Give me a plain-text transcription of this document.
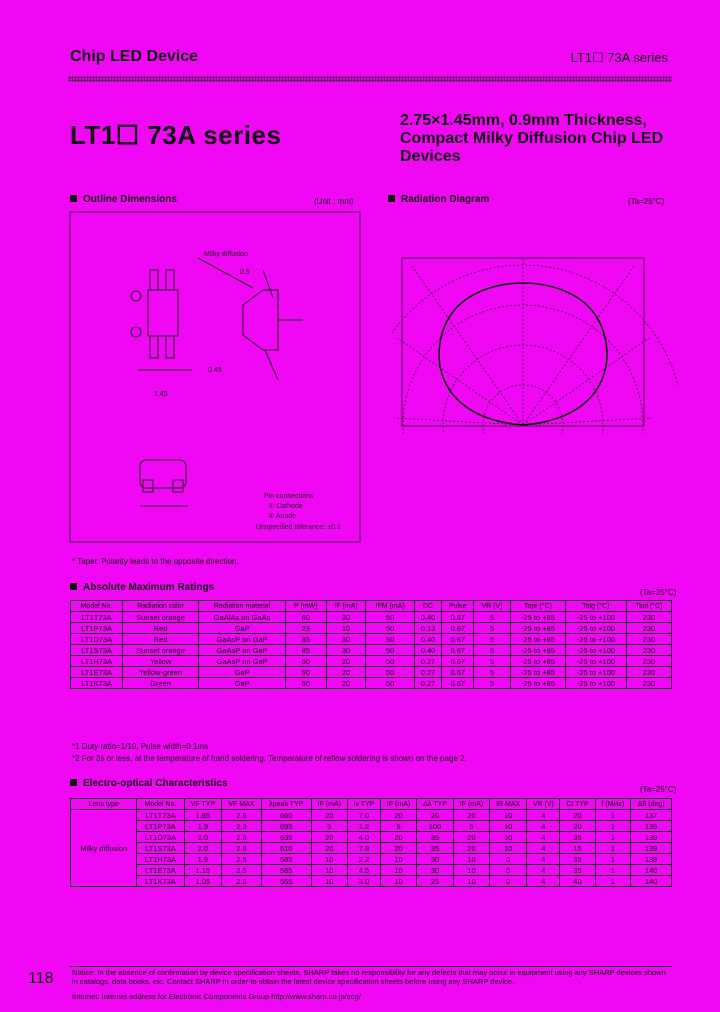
Chip LED Device	LT1☐ 73A series
LT1☐ 73A series	2.75×1.45mm, 0.9mm Thickness, Compact Milky Diffusion Chip LED Devices
Outline Dimensions	(Unit : mm)
Milky diffusion
1.45
0.9
0.45
Pin connections
① Cathode
② Anode
Unspecified tolerance: ±0.1
* Taper. Polarity leads to the opposite direction.
Radiation Diagram	(Ta=25°C)
Absolute Maximum Ratings	(Ta=25°C)
Model No.	Radiation color	Radiation material	P (mW)	IF (mA)	IFM (mA)	DC	Pulse	VR (V)	Topr (°C)	Tstg (°C)	Tsol (°C)
LT1T73A	Sunset orange	GaAlAs on GaAs	60	30	50	0.40	0.67	5	-25 to +85	-25 to +100	230
LT1P73A	Red	GaP	23	10	50	0.13	0.67	5	-25 to +85	-25 to +100	230
LT1D73A	Red	GaAsP on GaP	85	30	50	0.40	0.67	5	-25 to +85	-25 to +100	230
LT1S73A	Sunset orange	GaAsP on GaP	85	30	50	0.40	0.67	5	-25 to +85	-25 to +100	230
LT1H73A	Yellow	GaAsP on GaP	50	20	50	0.27	0.67	5	-25 to +85	-25 to +100	230
LT1E73A	Yellow-green	GaP	50	20	50	0.27	0.67	5	-25 to +85	-25 to +100	230
LT1K73A	Green	GaP	50	20	50	0.27	0.67	5	-25 to +85	-25 to +100	230
*1 Duty ratio=1/10, Pulse width=0.1ms
*2 For 3s or less, at the temperature of hand soldering. Temperature of reflow soldering is shown on the page 2.
Electro-optical Characteristics
(Ta=25°C)
Lens type	Model No.	VF TYP	VF MAX	λpeak TYP	IF (mA)	Iv TYP	IF (mA)	Δλ TYP	IF (mA)	IR MAX	VR (V)	Ct TYP	f (MHz)	Δθ (deg)
Milky diffusion	LT1T73A	1.85	2.5	660	20	7.0	20	20	20	10	4	20	1	137
	LT1P73A	1.9	2.3	695	5	1.2	5	100	5	10	4	20	1	139
	LT1D73A	2.0	2.8	635	20	4.0	20	35	20	10	4	35	1	139
	LT1S73A	2.0	2.8	610	20	7.8	20	35	20	10	4	15	1	139
	LT1H73A	1.9	2.5	585	10	2.2	10	30	10	0	4	35	1	139
	LT1E73A	1.15	2.5	565	10	4.5	10	30	10	0	4	35	1	140
	LT1K73A	1.05	2.5	555	10	3.0	10	25	10	0	4	40	1	140
118 Notice: In the absence of confirmation by device specification sheets, SHARP takes no responsibility for any defects that may occur in equipment using any SHARP devices shown in catalogs, data books, etc. Contact SHARP in order to obtain the latest device specification sheets before using any SHARP device.
Internet: Internet address for Electronic Components Group http://www.sharp.co.jp/ecg/
